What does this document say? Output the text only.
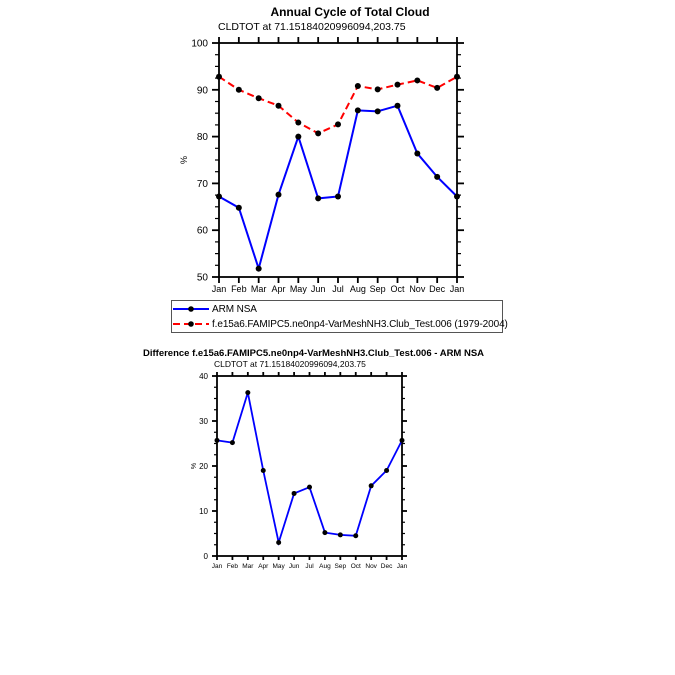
Annual Cycle of Total Cloud
CLDTOT at 71.15184020996094,203.75
50
60
70
80
90
100
Jan Feb Mar Apr May Jun Jul Aug Sep Oct Nov Dec Jan
%
ARM NSA
f.e15a6.FAMIPC5.ne0np4-VarMeshNH3.Club_Test.006 (1979-2004)
Difference f.e15a6.FAMIPC5.ne0np4-VarMeshNH3.Club_Test.006 - ARM NSA
CLDTOT at 71.15184020996094,203.75
0
10
20
30
40
Jan Feb Mar Apr May Jun Jul Aug Sep Oct Nov Dec Jan
%
